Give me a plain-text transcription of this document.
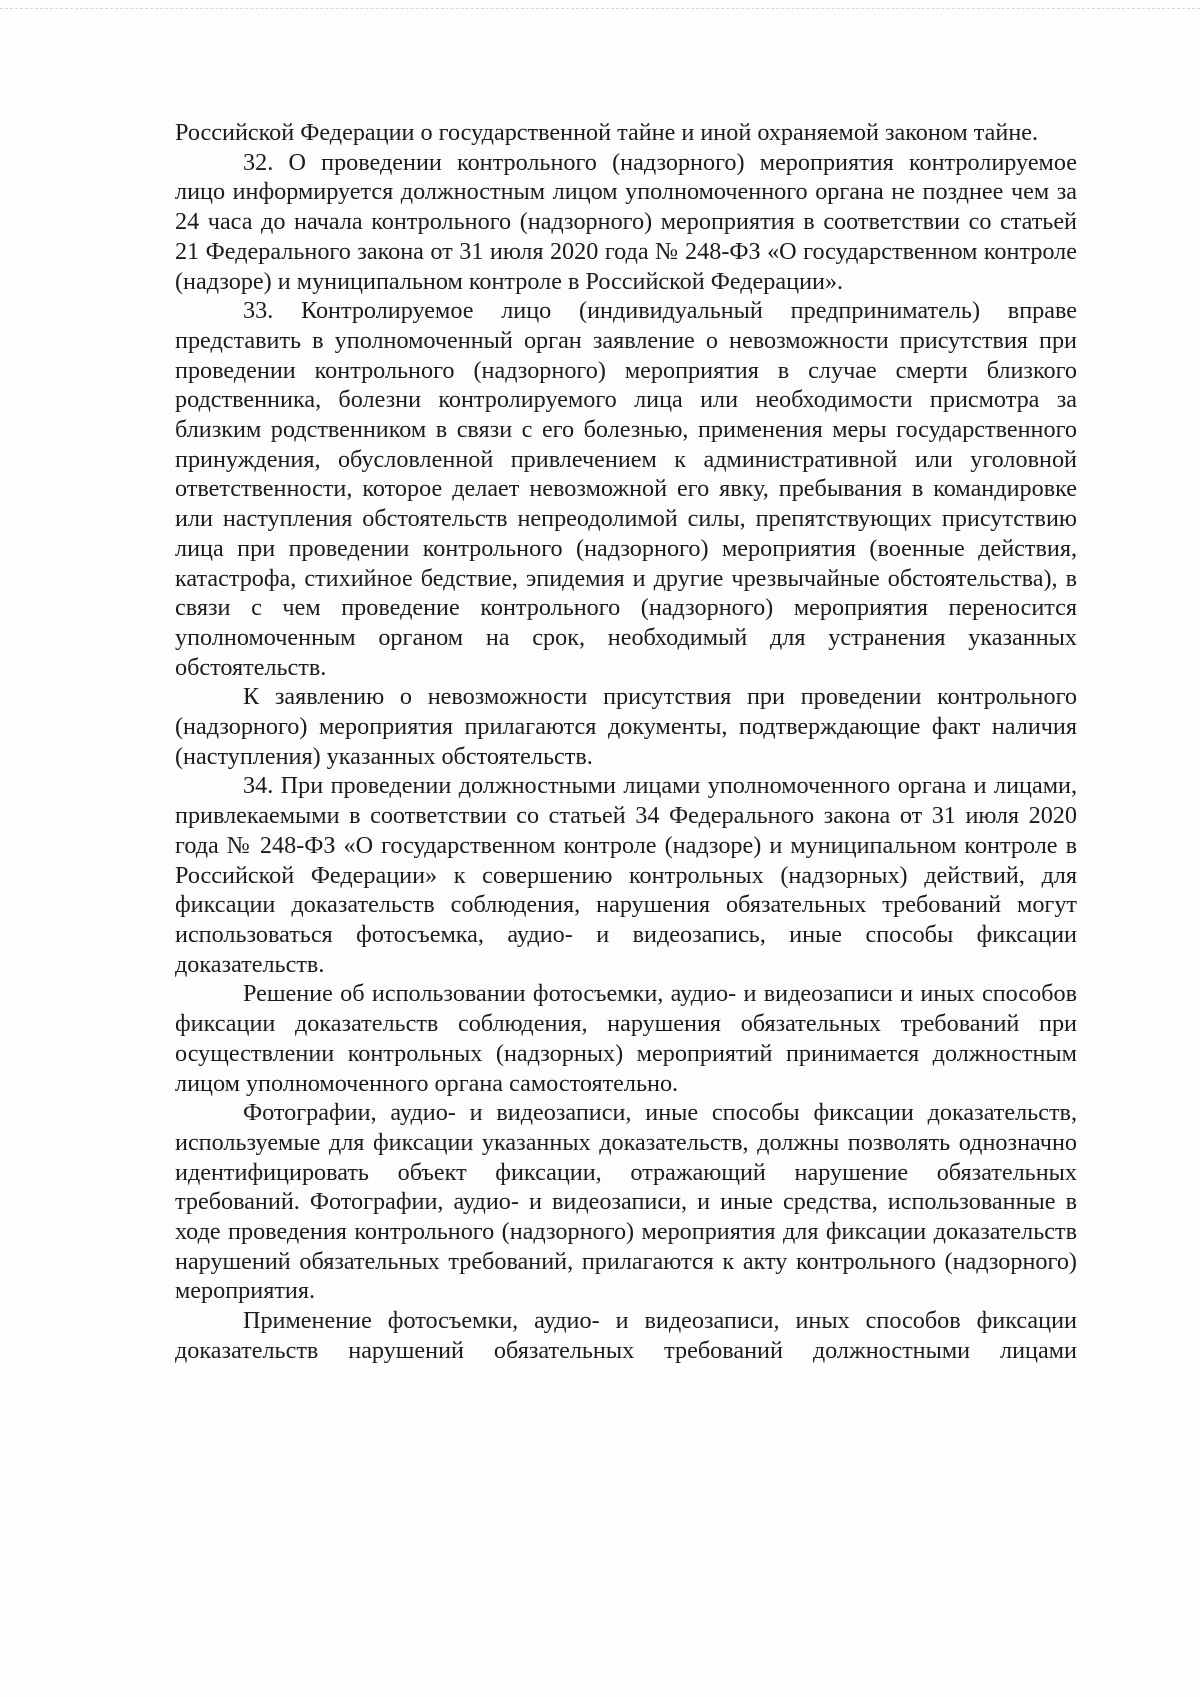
Российской Федерации о государственной тайне и иной охраняемой законом тайне.

32. О проведении контрольного (надзорного) мероприятия контролируемое лицо информируется должностным лицом уполномоченного органа не позднее чем за 24 часа до начала контрольного (надзорного) мероприятия в соответствии со статьей 21 Федерального закона от 31 июля 2020 года № 248-ФЗ «О государственном контроле (надзоре) и муниципальном контроле в Российской Федерации».

33. Контролируемое лицо (индивидуальный предприниматель) вправе представить в уполномоченный орган заявление о невозможности присутствия при проведении контрольного (надзорного) мероприятия в случае смерти близкого родственника, болезни контролируемого лица или необходимости присмотра за близким родственником в связи с его болезнью, применения меры государственного принуждения, обусловленной привлечением к административной или уголовной ответственности, которое делает невозможной его явку, пребывания в командировке или наступления обстоятельств непреодолимой силы, препятствующих присутствию лица при проведении контрольного (надзорного) мероприятия (военные действия, катастрофа, стихийное бедствие, эпидемия и другие чрезвычайные обстоятельства), в связи с чем проведение контрольного (надзорного) мероприятия переносится уполномоченным органом на срок, необходимый для устранения указанных обстоятельств.

К заявлению о невозможности присутствия при проведении контрольного (надзорного) мероприятия прилагаются документы, подтверждающие факт наличия (наступления) указанных обстоятельств.

34. При проведении должностными лицами уполномоченного органа и лицами, привлекаемыми в соответствии со статьей 34 Федерального закона от 31 июля 2020 года № 248-ФЗ «О государственном контроле (надзоре) и муниципальном контроле в Российской Федерации» к совершению контрольных (надзорных) действий, для фиксации доказательств соблюдения, нарушения обязательных требований могут использоваться фотосъемка, аудио- и видеозапись, иные способы фиксации доказательств.

Решение об использовании фотосъемки, аудио- и видеозаписи и иных способов фиксации доказательств соблюдения, нарушения обязательных требований при осуществлении контрольных (надзорных) мероприятий принимается должностным лицом уполномоченного органа самостоятельно.

Фотографии, аудио- и видеозаписи, иные способы фиксации доказательств, используемые для фиксации указанных доказательств, должны позволять однозначно идентифицировать объект фиксации, отражающий нарушение обязательных требований. Фотографии, аудио- и видеозаписи, и иные средства, использованные в ходе проведения контрольного (надзорного) мероприятия для фиксации доказательств нарушений обязательных требований, прилагаются к акту контрольного (надзорного) мероприятия.

Применение фотосъемки, аудио- и видеозаписи, иных способов фиксации доказательств нарушений обязательных требований должностными лицами
